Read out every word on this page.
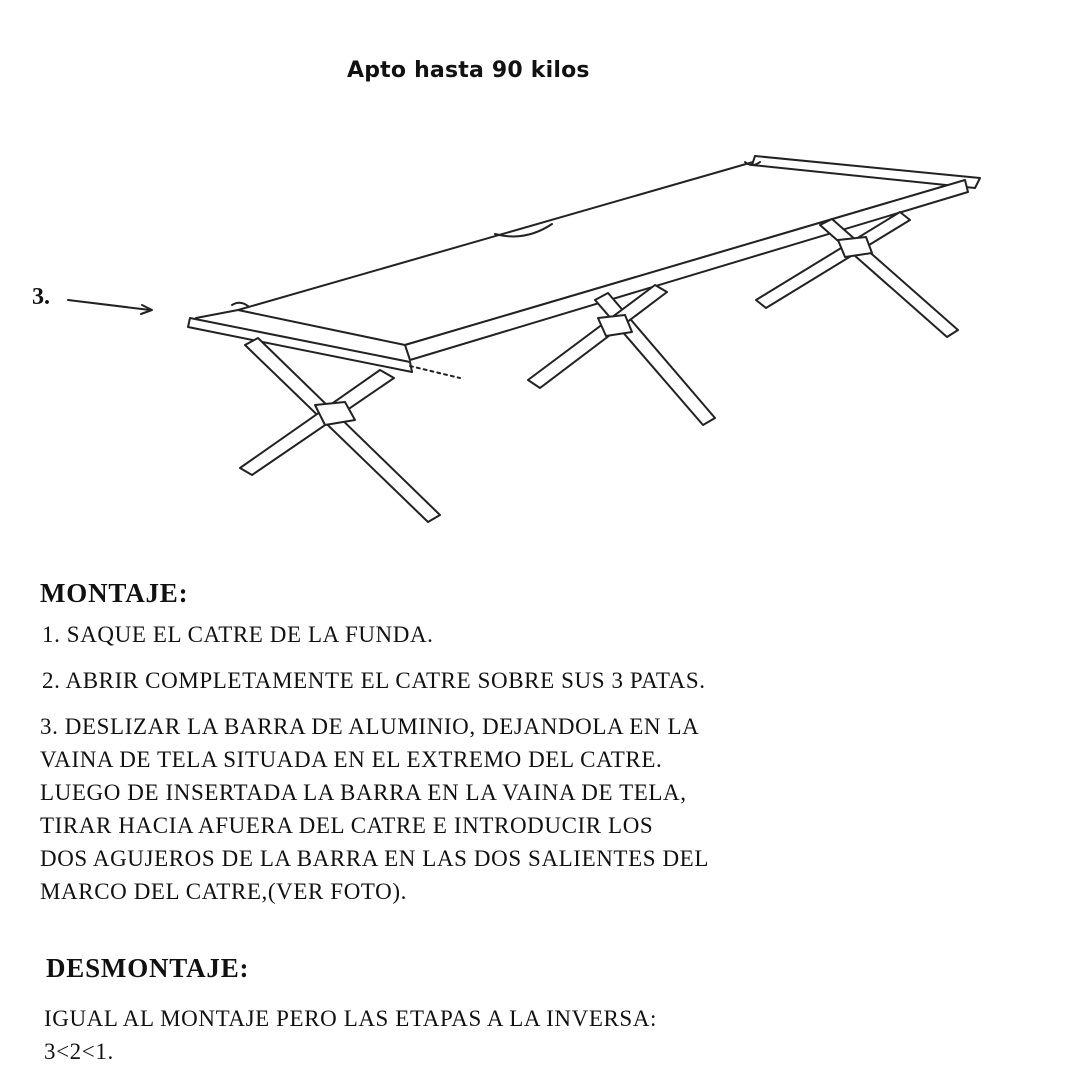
Apto hasta 90 kilos
3.
MONTAJE:
1. SAQUE EL CATRE DE LA FUNDA.
2. ABRIR COMPLETAMENTE EL CATRE SOBRE SUS 3 PATAS.
3. DESLIZAR LA BARRA DE ALUMINIO, DEJANDOLA EN LA
VAINA DE TELA SITUADA EN EL EXTREMO DEL CATRE.
LUEGO DE INSERTADA LA BARRA EN LA VAINA DE TELA,
TIRAR HACIA AFUERA DEL CATRE E INTRODUCIR LOS
DOS AGUJEROS DE LA BARRA EN LAS DOS SALIENTES DEL
MARCO DEL CATRE,(VER FOTO).
DESMONTAJE:
IGUAL AL MONTAJE PERO LAS ETAPAS A LA INVERSA:
3<2<1.
